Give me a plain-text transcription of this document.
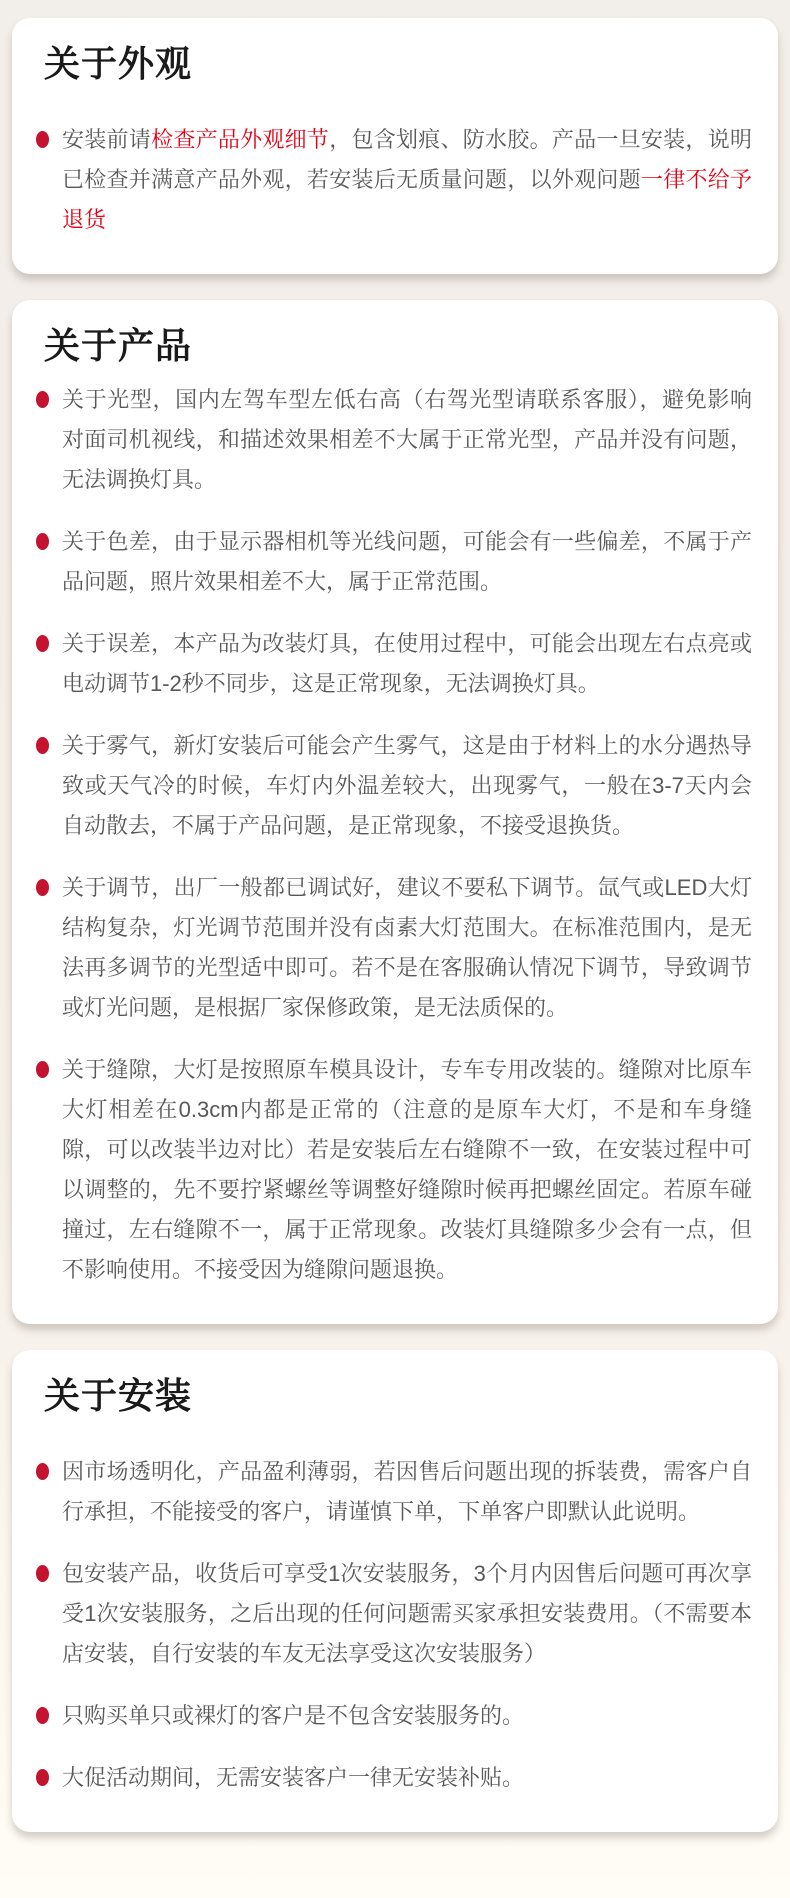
关于外观
安装前请检查产品外观细节，包含划痕、防水胶。产品一旦安装，说明已检查并满意产品外观，若安装后无质量问题，以外观问题一律不给予退货
关于产品
关于光型，国内左驾车型左低右高（右驾光型请联系客服），避免影响对面司机视线，和描述效果相差不大属于正常光型，产品并没有问题，无法调换灯具。
关于色差，由于显示器相机等光线问题，可能会有一些偏差，不属于产品问题，照片效果相差不大，属于正常范围。
关于误差，本产品为改装灯具，在使用过程中，可能会出现左右点亮或电动调节1-2秒不同步，这是正常现象，无法调换灯具。
关于雾气，新灯安装后可能会产生雾气，这是由于材料上的水分遇热导致或天气冷的时候，车灯内外温差较大，出现雾气，一般在3-7天内会自动散去，不属于产品问题，是正常现象，不接受退换货。
关于调节，出厂一般都已调试好，建议不要私下调节。氙气或LED大灯结构复杂，灯光调节范围并没有卤素大灯范围大。在标准范围内，是无法再多调节的光型适中即可。若不是在客服确认情况下调节，导致调节或灯光问题，是根据厂家保修政策，是无法质保的。
关于缝隙，大灯是按照原车模具设计，专车专用改装的。缝隙对比原车大灯相差在0.3cm内都是正常的（注意的是原车大灯，不是和车身缝隙，可以改装半边对比）若是安装后左右缝隙不一致，在安装过程中可以调整的，先不要拧紧螺丝等调整好缝隙时候再把螺丝固定。若原车碰撞过，左右缝隙不一，属于正常现象。改装灯具缝隙多少会有一点，但不影响使用。不接受因为缝隙问题退换。
关于安装
因市场透明化，产品盈利薄弱，若因售后问题出现的拆装费，需客户自行承担，不能接受的客户，请谨慎下单，下单客户即默认此说明。
包安装产品，收货后可享受1次安装服务，3个月内因售后问题可再次享受1次安装服务，之后出现的任何问题需买家承担安装费用。（不需要本店安装，自行安装的车友无法享受这次安装服务）
只购买单只或裸灯的客户是不包含安装服务的。
大促活动期间，无需安装客户一律无安装补贴。
